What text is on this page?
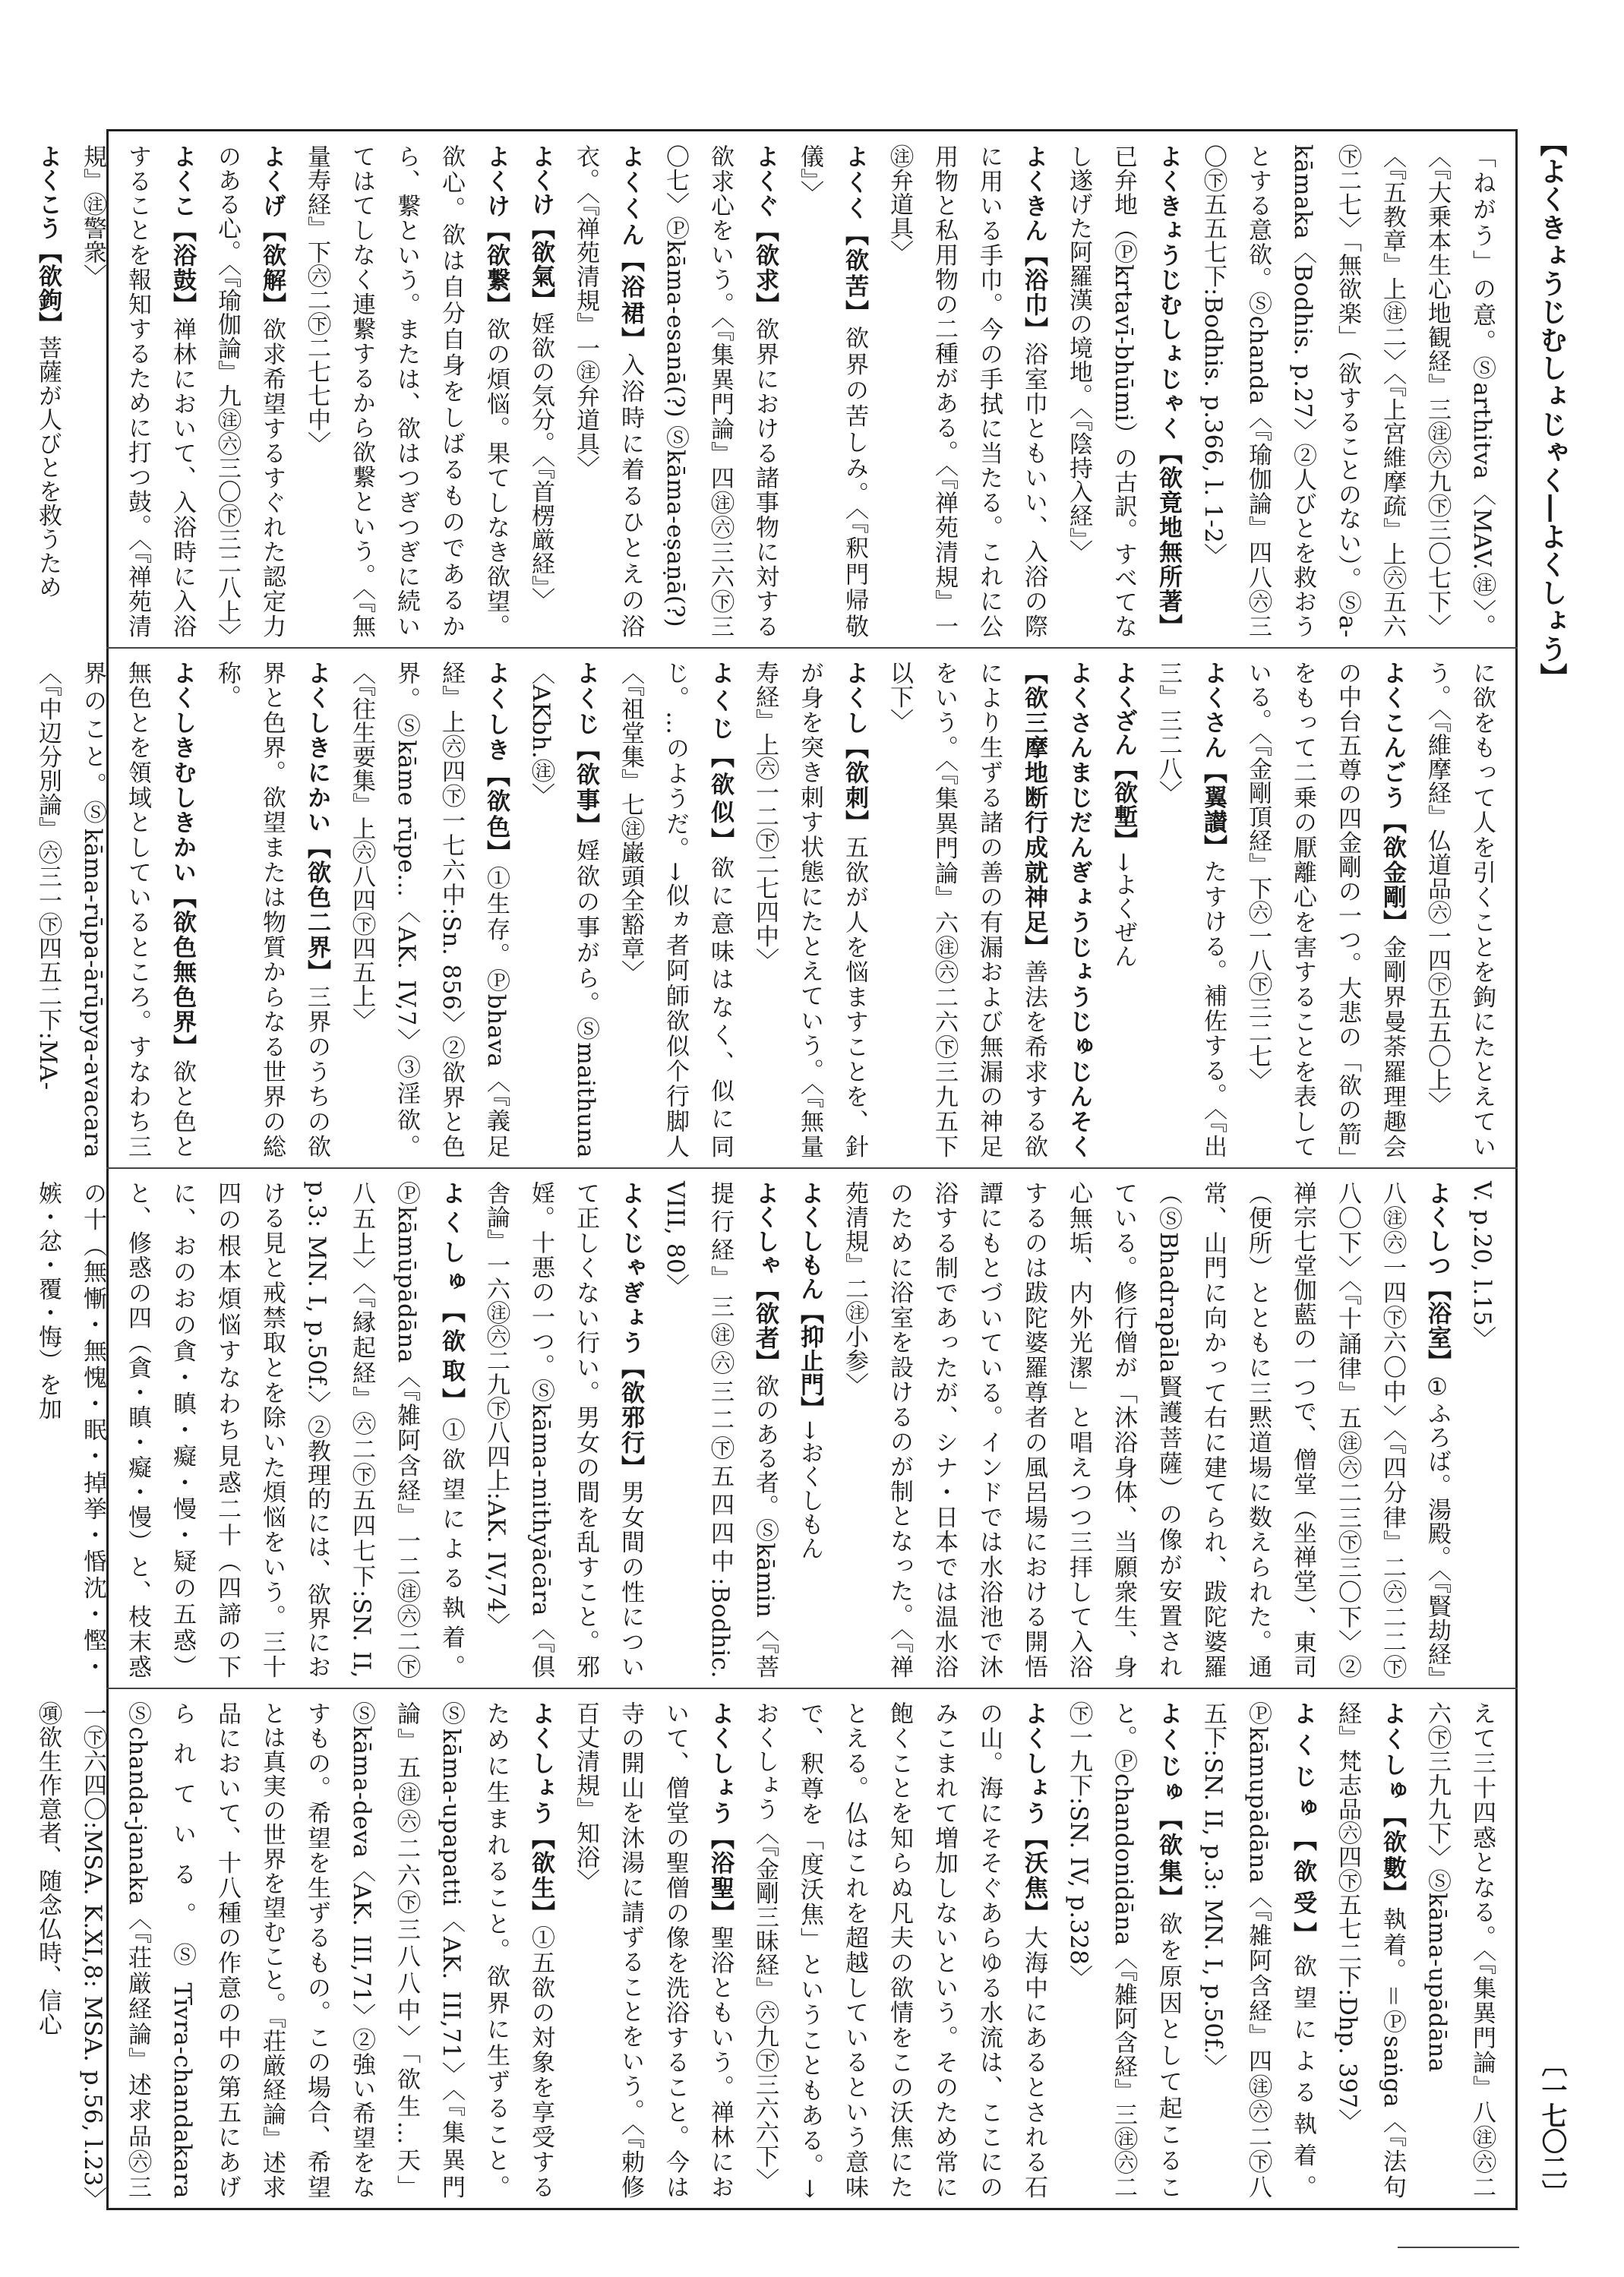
【よくきょうじむしょじゃく―よくしょう】
〔一七〇二〕

「ねがう」の意。Ⓢarthitva〈MAV.㊟〉。〈『大乗本生心地観経』三㊟㊅九㊦三〇七下〉〈『五教章』上㊟二〉〈『上宮維摩疏』上㊅五六㊦二七〉「無欲楽」（欲することのない）。Ⓢa-kāmaka〈Bodhis. p.27〉②人びとを救おうとする意欲。Ⓢchanda〈『瑜伽論』四八㊅三〇㊦五五七下:Bodhis. p.366, l. 1-2〉

よくきょうじむしょじゃく【欲竟地無所著】已弁地（Ⓟkrtavī-bhūmi）の古訳。すべてなし遂げた阿羅漢の境地。〈『陰持入経』〉

よくきん【浴巾】浴室巾ともいい、入浴の際に用いる手巾。今の手拭に当たる。これに公用物と私用物の二種がある。〈『禅苑清規』一㊟弁道具〉

よくく【欲苦】欲界の苦しみ。〈『釈門帰敬儀』〉

よくぐ【欲求】欲界における諸事物に対する欲求心をいう。〈『集異門論』四㊟㊅三六㊦三〇七〉Ⓟkāma-esanā(?) Ⓢkāma-eṣaṇā(?)

よくくん【浴裙】入浴時に着るひとえの浴衣。〈『禅苑清規』一㊟弁道具〉

よくけ【欲氣】婬欲の気分。〈『首楞厳経』〉

よくけ【欲繋】欲の煩悩。果てしなき欲望。欲心。欲は自分自身をしばるものであるから、繋という。または、欲はつぎつぎに続いてはてしなく連繋するから欲繋という。〈『無量寿経』下㊅二㊦二七七中〉

よくげ【欲解】欲求希望するすぐれた認定力のある心。〈『瑜伽論』九㊟㊅三〇㊦三二八上〉

よくこ【浴鼓】禅林において、入浴時に入浴することを報知するために打つ鼓。〈『禅苑清規』㊟警衆〉

よくこう【欲鉤】菩薩が人びとを救うため

に欲をもって人を引くことを鉤にたとえていう。〈『維摩経』仏道品㊅一四㊦五五〇上〉

よくこんごう【欲金剛】金剛界曼荼羅理趣会の中台五尊の四金剛の一つ。大悲の「欲の箭」をもって二乗の厭離心を害することを表している。〈『金剛頂経』下㊅一八㊦三二七〉

よくさん【翼讃】たすける。補佐する。〈『出三』三二八〉

よくざん【欲塹】→よくぜん

よくさんまじだんぎょうじょうじゅじんそく【欲三摩地断行成就神足】善法を希求する欲により生ずる諸の善の有漏および無漏の神足をいう。〈『集異門論』六㊟㊅二六㊦三九五下以下〉

よくし【欲刺】五欲が人を悩ますことを、針が身を突き刺す状態にたとえていう。〈『無量寿経』上㊅一二㊦二七四中〉

よくじ【欲似】欲に意味はなく、似に同じ。…のようだ。→似ヵ者阿師欲似个行脚人〈『祖堂集』七㊟巌頭全豁章〉

よくじ【欲事】婬欲の事がら。Ⓢmaithuna〈AKbh.㊟〉

よくしき【欲色】①生存。Ⓟbhava〈『義足経』上㊅四㊦一七六中:Sn. 856〉②欲界と色界。Ⓢkāme rūpe…〈AK. IV,7〉③淫欲。〈『往生要集』上㊅八四㊦四五上〉

よくしきにかい【欲色二界】三界のうちの欲界と色界。欲望または物質からなる世界の総称。

よくしきむしきかい【欲色無色界】欲と色と無色とを領域としているところ。すなわち三界のこと。Ⓢkāma-rūpa-ārūpya-avacara〈『中辺分別論』㊅三一㊦四五二下:MA-

V. p.20, l.15〉

よくしつ【浴室】①ふろば。湯殿。〈『賢劫経』八㊟㊅一四㊦六〇中〉〈『四分律』二㊅二二㊦八〇下〉〈『十誦律』五㊟㊅二三㊦三〇下〉②禅宗七堂伽藍の一つで、僧堂（坐禅堂）、東司（便所）とともに三黙道場に数えられた。通常、山門に向かって右に建てられ、跋陀婆羅（ⓈBhadrapāla賢護菩薩）の像が安置されている。修行僧が「沐浴身体、当願衆生、身心無垢、内外光潔」と唱えつつ三拝して入浴するのは跋陀婆羅尊者の風呂場における開悟譚にもとづいている。インドでは水浴池で沐浴する制であったが、シナ・日本では温水浴のために浴室を設けるのが制となった。〈『禅苑清規』二㊟小参〉

よくしもん【抑止門】→おくしもん

よくしゃ【欲者】欲のある者。Ⓢkāmin〈『菩提行経』三㊟㊅三二㊦五四四中:Bodhic. VIII, 80〉

よくじゃぎょう【欲邪行】男女間の性について正しくない行い。男女の間を乱すこと。邪婬。十悪の一つ。Ⓢkāma-mithyācāra〈『倶舎論』一六㊟㊅二九㊦八四上:AK. IV,74〉

よくしゅ【欲取】①欲望による執着。Ⓟkāmūpādāna〈『雑阿含経』一二㊟㊅二㊦八五上〉〈『縁起経』㊅二㊦五四七下:SN. II, p.3: MN. I, p.50f.〉②教理的には、欲界における見と戒禁取とを除いた煩悩をいう。三十四の根本煩悩すなわち見惑二十（四諦の下に、おのおの貪・瞋・癡・慢・疑の五惑）と、修惑の四（貪・瞋・癡・慢）と、枝末惑の十（無慚・無愧・眠・掉挙・惛沈・慳・嫉・忿・覆・悔）を加

えて三十四惑となる。〈『集異門論』八㊟㊅二六㊦三九九下〉Ⓢkāma-upādāna

よくしゅ【欲數】執着。＝Ⓟsaṅga〈『法句経』梵志品㊅四㊦五七二下:Dhp. 397〉

よくじゅ【欲受】欲望による執着。Ⓟkāmupādāna〈『雑阿含経』四㊟㊅二㊦八五下:SN. II, p.3: MN. I, p.50f.〉

よくじゅ【欲集】欲を原因として起こること。Ⓟchandonidāna〈『雑阿含経』三㊟㊅二㊦一九下:SN. IV, p.328〉

よくしょう【沃焦】大海中にあるとされる石の山。海にそそぐあらゆる水流は、ここにのみこまれて増加しないという。そのため常に飽くことを知らぬ凡夫の欲情をこの沃焦にたとえる。仏はこれを超越しているという意味で、釈尊を「度沃焦」ということもある。→おくしょう〈『金剛三昧経』㊅九㊦三六六下〉

よくしょう【浴聖】聖浴ともいう。禅林において、僧堂の聖僧の像を洗浴すること。今は寺の開山を沐湯に請ずることをいう。〈『勅修百丈清規』知浴〉

よくしょう【欲生】①五欲の対象を享受するために生まれること。欲界に生ずること。Ⓢkāma-upapatti〈AK. III,71〉〈『集異門論』五㊟㊅二六㊦三八八中〉「欲生…天」Ⓢkāma-deva〈AK. III,71〉②強い希望をなすもの。希望を生ずるもの。この場合、希望とは真実の世界を望むこと。『荘厳経論』述求品において、十八種の作意の中の第五にあげられている。ⓈTīvra-chandakara Ⓢchanda-janaka〈『荘厳経論』述求品㊅三一㊦六四〇:MSA. K.XI,8: MSA. p.56, l.23〉㊠欲生作意者、随念仏時、信心
